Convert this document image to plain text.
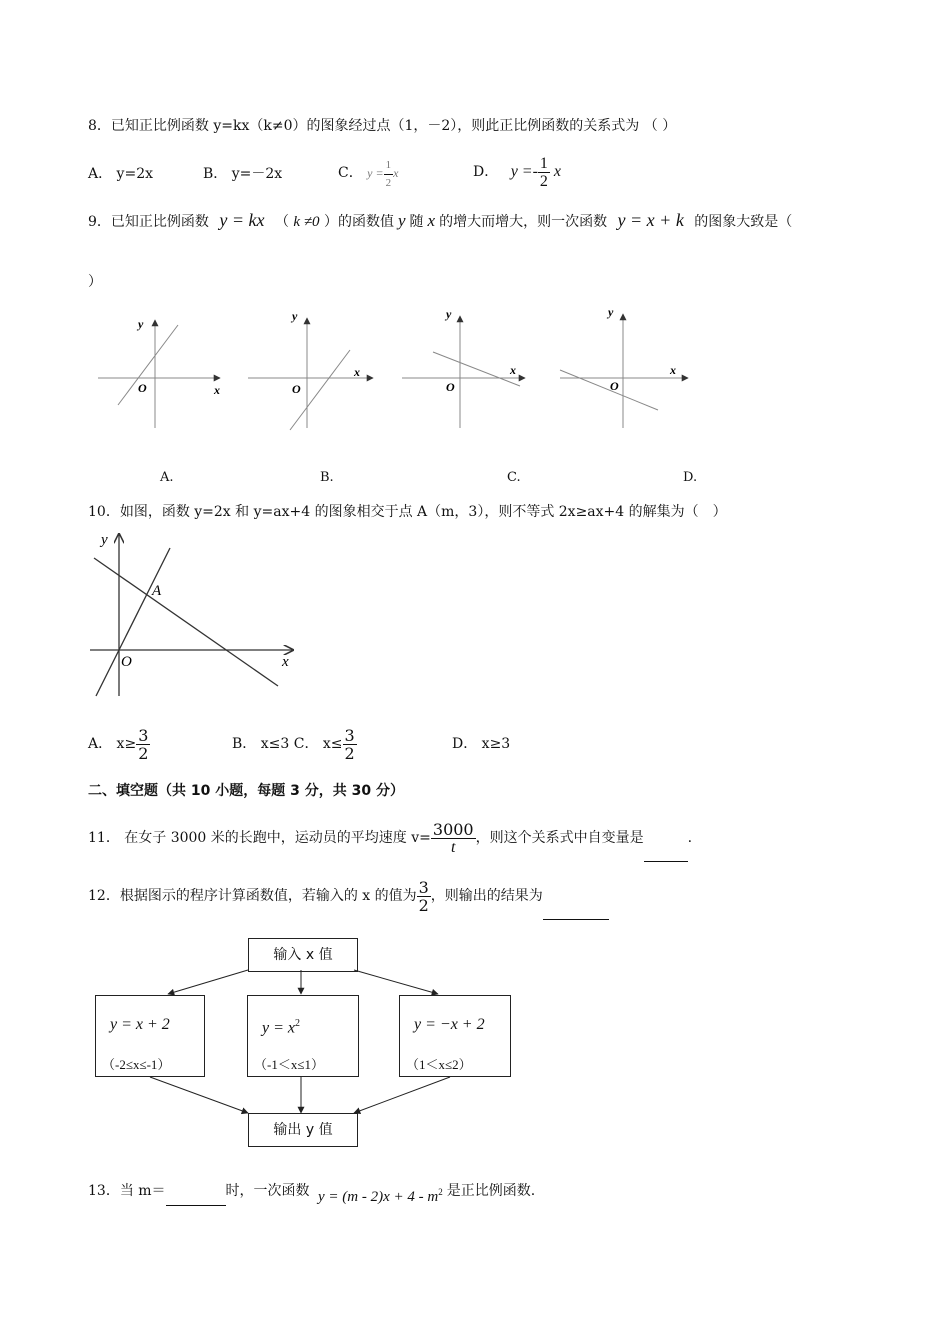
8．已知正比例函数 y=kx（k≠0）的图象经过点（1，－2），则此正比例函数的关系式为 （ ）
A． y=2x	B． y=－2x	C． $y = \frac{1}{2}$ x	D． $y =- \frac{1}{2}$ x
9．已知正比例函数 y = kx （ k ≠0 ）的函数值 y 随 x 的增大而增大，则一次函数 y = x + k 的图象大致是（
）
y
x
O
y
x
O
y
x
O
y
x
O
A.	B.	C.	D.
10．如图，函数 y=2x 和 y=ax+4 的图象相交于点 A（m，3），则不等式 2x≥ax+4 的解集为（　）
y
x
O
A
A． $x\ge \frac{3}{2}$	B． x≤3 C． $x\le \frac{3}{2}$	D． x≥3
二、填空题（共 10 小题，每题 3 分，共 30 分）
11． 在女子 3000 米的长跑中，运动员的平均速度 $v= \frac{3000}{t}$ ，则这个关系式中自变量是	.
12．根据图示的程序计算函数值，若输入的 x 的值为 $\frac{3}{2}$ ，则输出的结果为
输入 x 值
y = x + 2
（-2≤x≤-1）
$y = x^2$
（-1＜x≤1）
y = −x + 2
（1＜x≤2）
输出 y 值
13．当 m＝	时，一次函数 $y = (m - 2)x + 4 - m^2$ 是正比例函数.
